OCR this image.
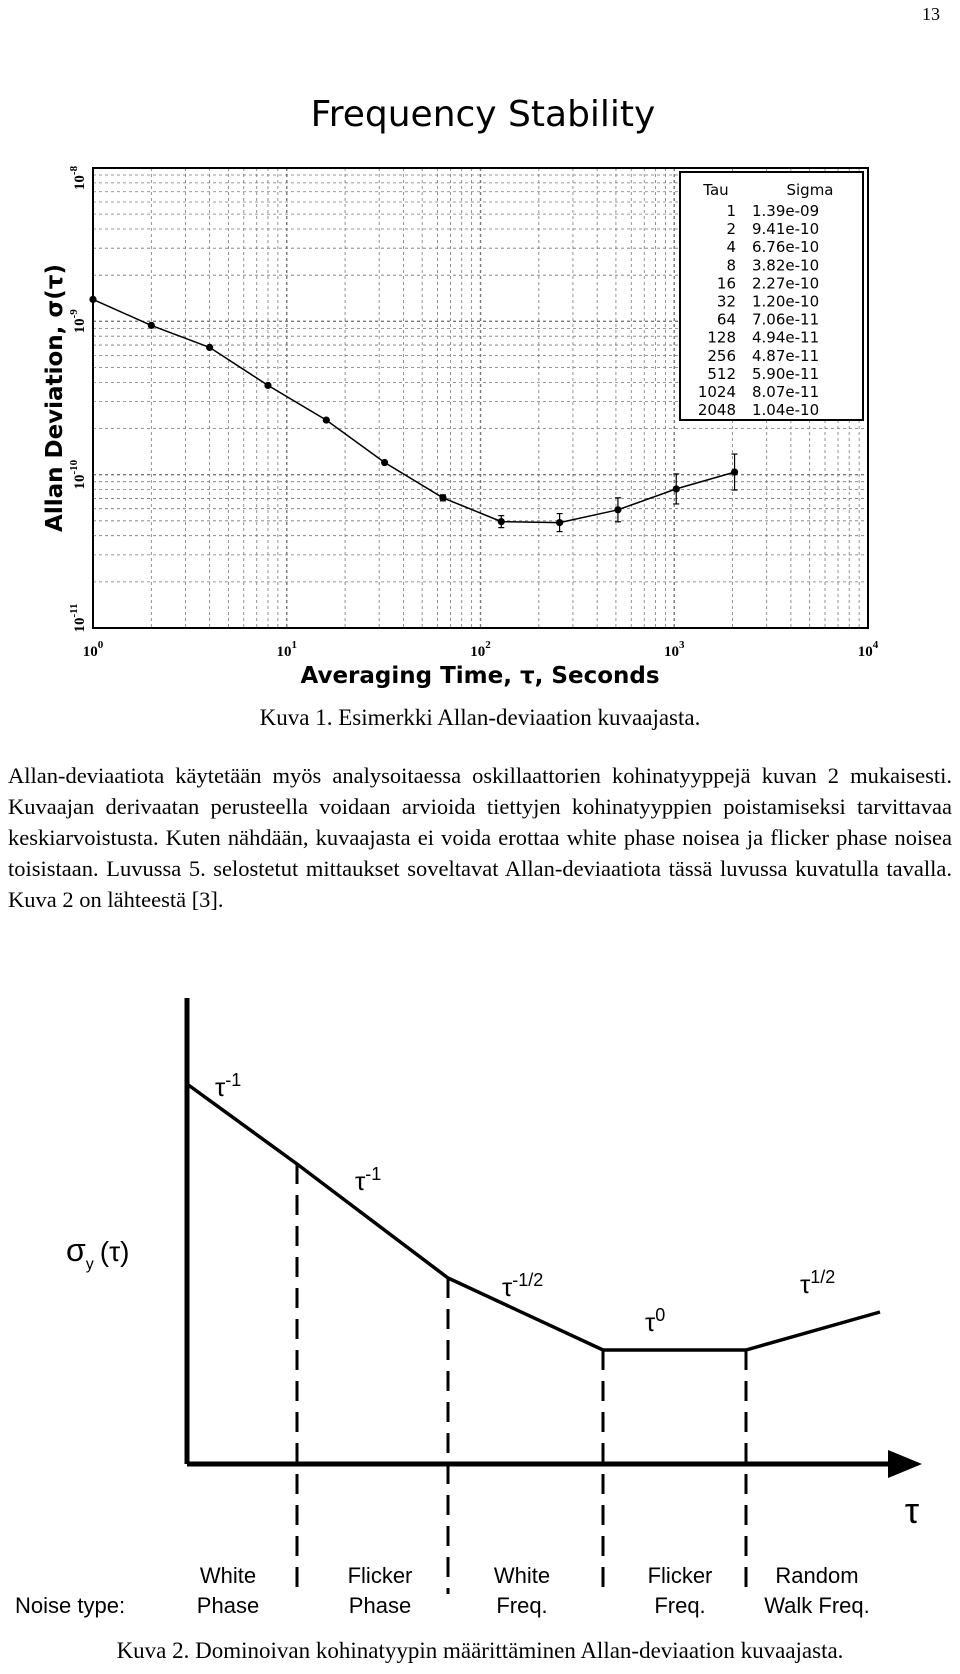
13
Frequency Stability
$10^0$	$10^1$	$10^2$	$10^3$	$10^4$
$10^{-8}$
$10^{-9}$
$10^{-10}$
$10^{-11}$
Averaging Time, τ, Seconds
Allan Deviation, σ(τ)
Tau	Sigma
1 1.39e-09
2 9.41e-10
4 6.76e-10
8 3.82e-10
16 2.27e-10
32 1.20e-10
64 7.06e-11
128 4.94e-11
256 4.87e-11
512 5.90e-11
1024 8.07e-11
2048 1.04e-10
Kuva 1. Esimerkki Allan-deviaation kuvaajasta.

Allan-deviaatiota käytetään myös analysoitaessa oskillaattorien kohinatyyppejä kuvan 2 mukaisesti. Kuvaajan derivaatan perusteella voidaan arvioida tiettyjen kohinatyyppien poistamiseksi tarvittavaa keskiarvoistusta. Kuten nähdään, kuvaajasta ei voida erottaa white phase noisea ja flicker phase noisea toisistaan. Luvussa 5. selostetut mittaukset soveltavat Allan-deviaatiota tässä luvussa kuvatulla tavalla. Kuva 2 on lähteestä [3].

$\sigma_y$ (τ)
τ
$\tau^{-1}$
$\tau^{-1}$
$\tau^{-1/2}$
$\tau^0$
$\tau^{1/2}$
Noise type:
White
Phase
Flicker
Phase
White
Freq.
Flicker
Freq.
Random
Walk Freq.
Kuva 2. Dominoivan kohinatyypin määrittäminen Allan-deviaation kuvaajasta.
